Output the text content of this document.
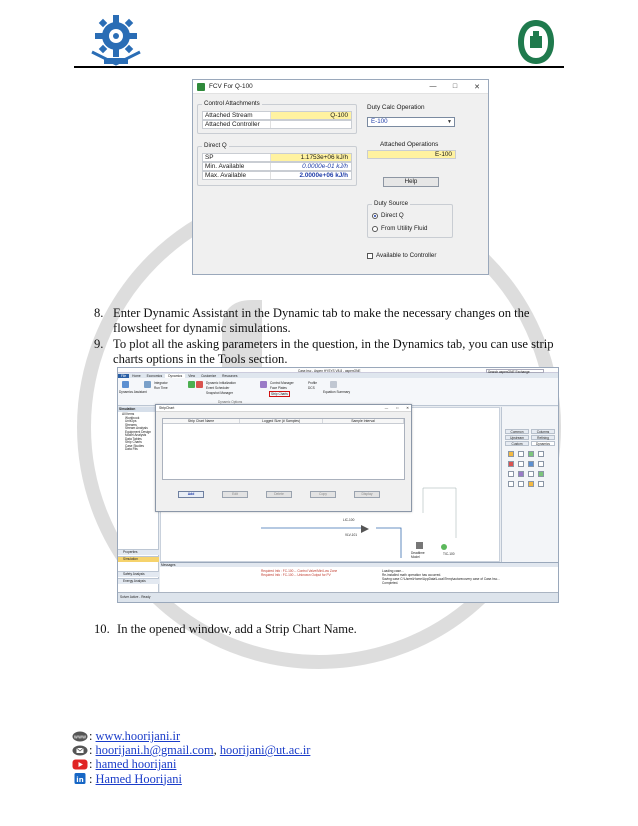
FCV For Q-100	—	□	✕
Control Attachments
Attached Stream	Q-100
Attached Controller
Direct Q
SP	1.1753e+06 kJ/h
Min. Available	0.0000e-01 kJ/h
Max. Available	2.0000e+06 kJ/h
Duty Calc Operation
E-100	▼
Attached Operations
E-100
Help
Duty Source
Direct Q
From Utility Fluid
Available to Controller
8. Enter Dynamic Assistant in the Dynamic tab to make the necessary changes on the flowsheet for dynamic simulations.
9. To plot all the asking parameters in the question, in the Dynamics tab, you can use strip charts options in the Tools section.
Case.hsc - Aspen HYSYS V8.8 - aspenONE	Search aspenONE Exchange
File	Home	Economics	Dynamics	View	Customize	Resources
Dynamics Assistant
Integrator
Run Time
Dynamic Initialization
Event Scheduler
Snapshot Manager
Dynamic Options
Control Manager
Face Plates
Strip Charts
Profile
DCS
Equation Summary
Simulation
All Items
Workbook
UnitOps
Streams
Stream Analysis
Equipment Design
Model Analysis
Data Tables
Strip Charts
Case Studies
Data Fits
Properties
Simulation
Safety Analysis
Energy Analysis
LIC-100
VLV-101
Deadtime Model
TIC-100
Common	Columns
Upstream	Refining
Custom	Dynamics
Messages
Required Info : FC-100 -- Control Valve/Min/Low Zone
Required Info : FC-100 -- Unknown Output for PV
Loading case...
Re-installed math operation has occurred.
Saving case C:\Users\Home\AppData\Local\Temp\autorecovery case of Case.hsc...
Completed.
Solver Active - Ready
StripChart	— □ ✕
Strip Chart Name	Logged Size (# Samples)	Sample Interval
Add	Edit	Delete	Copy	Display
10. In the opened window, add a Strip Chart Name.
www : www.hoorijani.ir
: hoorijani.h@gmail.com , hoorijani@ut.ac.ir
: hamed hoorijani
in : Hamed Hoorijani
